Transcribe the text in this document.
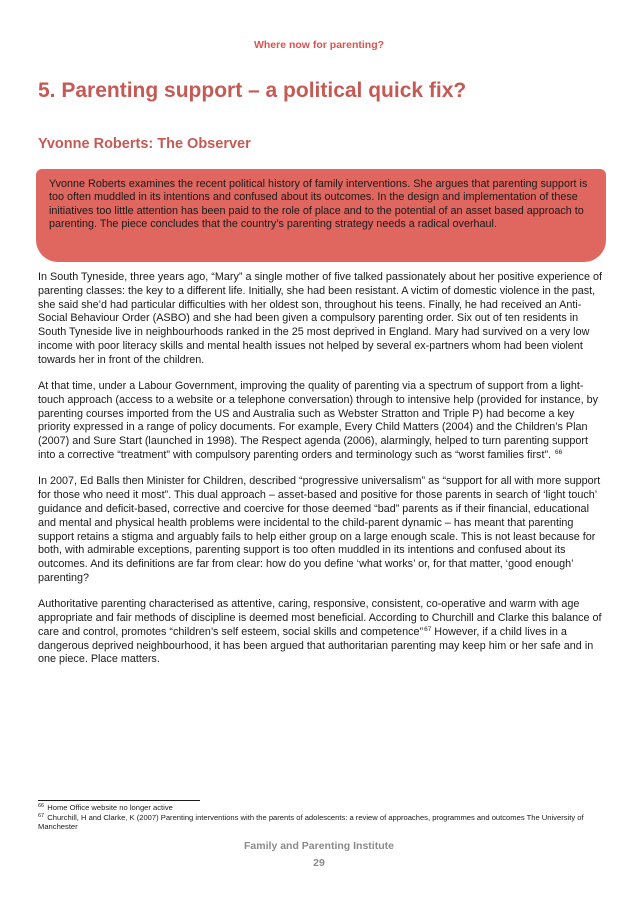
Where now for parenting?
5. Parenting support – a political quick fix?
Yvonne Roberts: The Observer

Yvonne Roberts examines the recent political history of family interventions. She argues that parenting support is too often muddled in its intentions and confused about its outcomes. In the design and implementation of these initiatives too little attention has been paid to the role of place and to the potential of an asset based approach to parenting. The piece concludes that the country’s parenting strategy needs a radical overhaul.

In South Tyneside, three years ago, “Mary” a single mother of five talked passionately about her positive experience of parenting classes: the key to a different life. Initially, she had been resistant. A victim of domestic violence in the past, she said she’d had particular difficulties with her oldest son, throughout his teens. Finally, he had received an Anti-Social Behaviour Order (ASBO) and she had been given a compulsory parenting order. Six out of ten residents in South Tyneside live in neighbourhoods ranked in the 25 most deprived in England. Mary had survived on a very low income with poor literacy skills and mental health issues not helped by several ex-partners whom had been violent towards her in front of the children.

At that time, under a Labour Government, improving the quality of parenting via a spectrum of support from a light-touch approach (access to a website or a telephone conversation) through to intensive help (provided for instance, by parenting courses imported from the US and Australia such as Webster Stratton and Triple P) had become a key priority expressed in a range of policy documents. For example, Every Child Matters (2004) and the Children’s Plan (2007) and Sure Start (launched in 1998). The Respect agenda (2006), alarmingly, helped to turn parenting support into a corrective “treatment” with compulsory parenting orders and terminology such as “worst families first”. $^{66}$

In 2007, Ed Balls then Minister for Children, described “progressive universalism” as “support for all with more support for those who need it most”. This dual approach – asset-based and positive for those parents in search of ‘light touch’ guidance and deficit-based, corrective and coercive for those deemed “bad” parents as if their financial, educational and mental and physical health problems were incidental to the child-parent dynamic – has meant that parenting support retains a stigma and arguably fails to help either group on a large enough scale. This is not least because for both, with admirable exceptions, parenting support is too often muddled in its intentions and confused about its outcomes. And its definitions are far from clear: how do you define ‘what works’ or, for that matter, ‘good enough’ parenting?

Authoritative parenting characterised as attentive, caring, responsive, consistent, co-operative and warm with age appropriate and fair methods of discipline is deemed most beneficial. According to Churchill and Clarke this balance of care and control, promotes “children’s self esteem, social skills and competence”$^{67}$ However, if a child lives in a dangerous deprived neighbourhood, it has been argued that authoritarian parenting may keep him or her safe and in one piece. Place matters.

$^{66}$ Home Office website no longer active

$^{67}$ Churchill, H and Clarke, K (2007) Parenting interventions with the parents of adolescents: a review of approaches, programmes and outcomes The University of Manchester

Family and Parenting Institute
29
